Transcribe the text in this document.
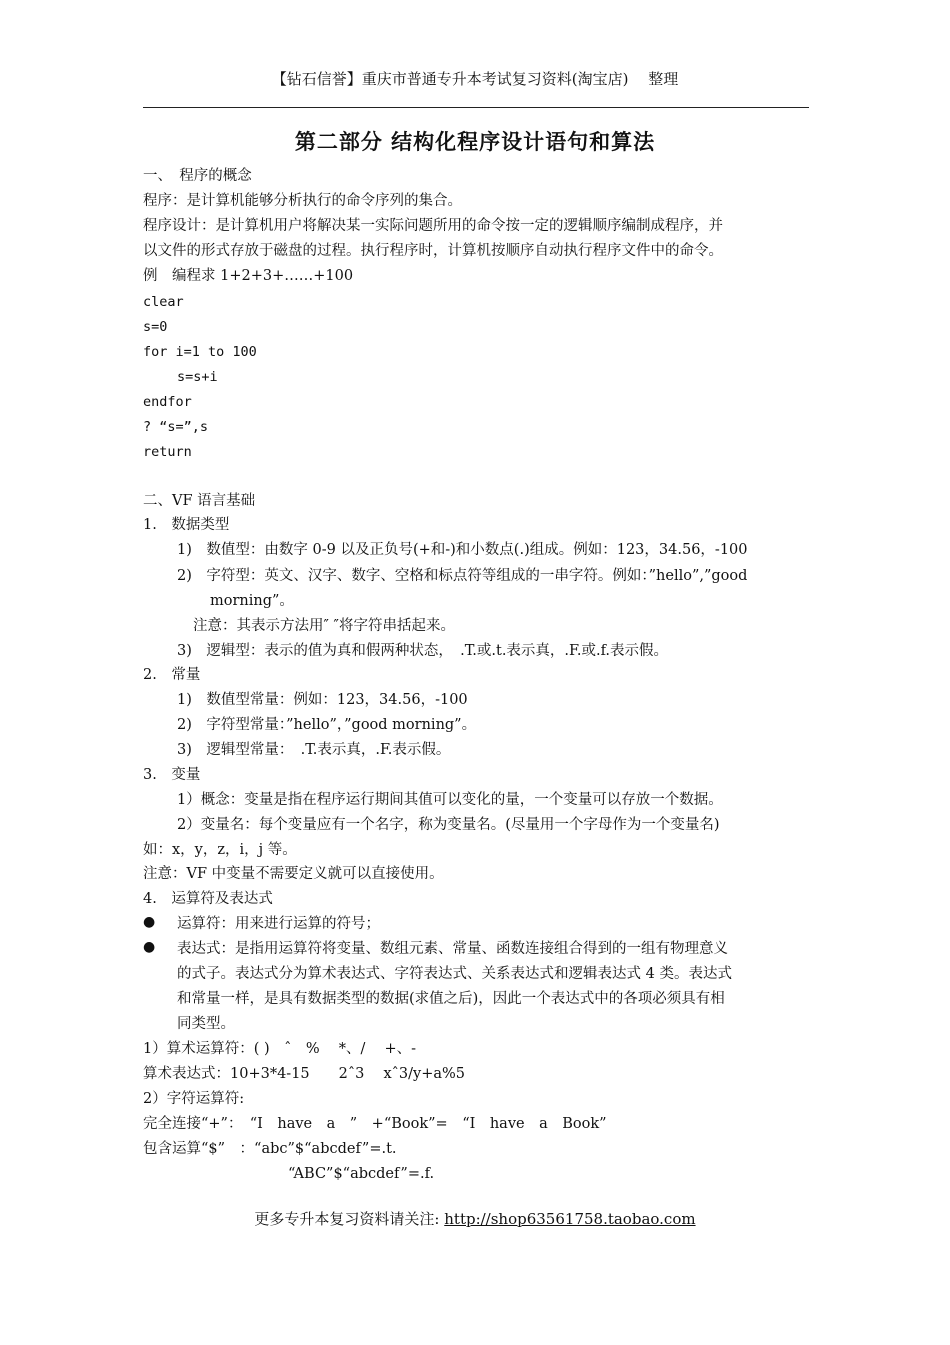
【钻石信誉】重庆市普通专升本考试复习资料(淘宝店)　 整理
第二部分 结构化程序设计语句和算法
一、　程序的概念
程序：是计算机能够分析执行的命令序列的集合。
程序设计：是计算机用户将解决某一实际问题所用的命令按一定的逻辑顺序编制成程序，并
以文件的形式存放于磁盘的过程。执行程序时，计算机按顺序自动执行程序文件中的命令。
例　编程求 1+2+3+……+100
clear
s=0
for i=1 to 100
s=s+i
endfor
? “s=”,s
return
二、VF 语言基础
1.　数据类型
1)　数值型：由数字 0-9 以及正负号(+和-)和小数点(.)组成。例如：123，34.56，-100
2)　字符型：英文、汉字、数字、空格和标点符等组成的一串字符。例如：”hello”,”good
morning”。
注意：其表示方法用″ ″将字符串括起来。
3)　逻辑型：表示的值为真和假两种状态，　.T.或.t.表示真，.F.或.f.表示假。
2.　常量
1)　数值型常量：例如：123，34.56，-100
2)　字符型常量：”hello”，”good morning”。
3)　逻辑型常量：　.T.表示真，.F.表示假。
3.　变量
1）概念：变量是指在程序运行期间其值可以变化的量，一个变量可以存放一个数据。
2）变量名：每个变量应有一个名字，称为变量名。(尽量用一个字母作为一个变量名)
如：x，y，z，i，j 等。
注意：VF 中变量不需要定义就可以直接使用。
4.　运算符及表达式
● 运算符：用来进行运算的符号；
● 表达式：是指用运算符将变量、数组元素、常量、函数连接组合得到的一组有物理意义
的式子。表达式分为算术表达式、字符表达式、关系表达式和逻辑表达式 4 类。表达式
和常量一样，是具有数据类型的数据(求值之后)，因此一个表达式中的各项必须具有相
同类型。
1）算术运算符：( )　ˆ　%　 *、/　 +、-
算术表达式：10+3*4-15　　2ˆ3　 xˆ3/y+a%5
2）字符运算符:
完全连接“+”：　“I　have　a　”　+“Book”=　“I　have　a　Book”
包含运算“$”　：“abc”$“abcdef”=.t.
“ABC”$“abcdef”=.f.
更多专升本复习资料请关注: http://shop63561758.taobao.com
